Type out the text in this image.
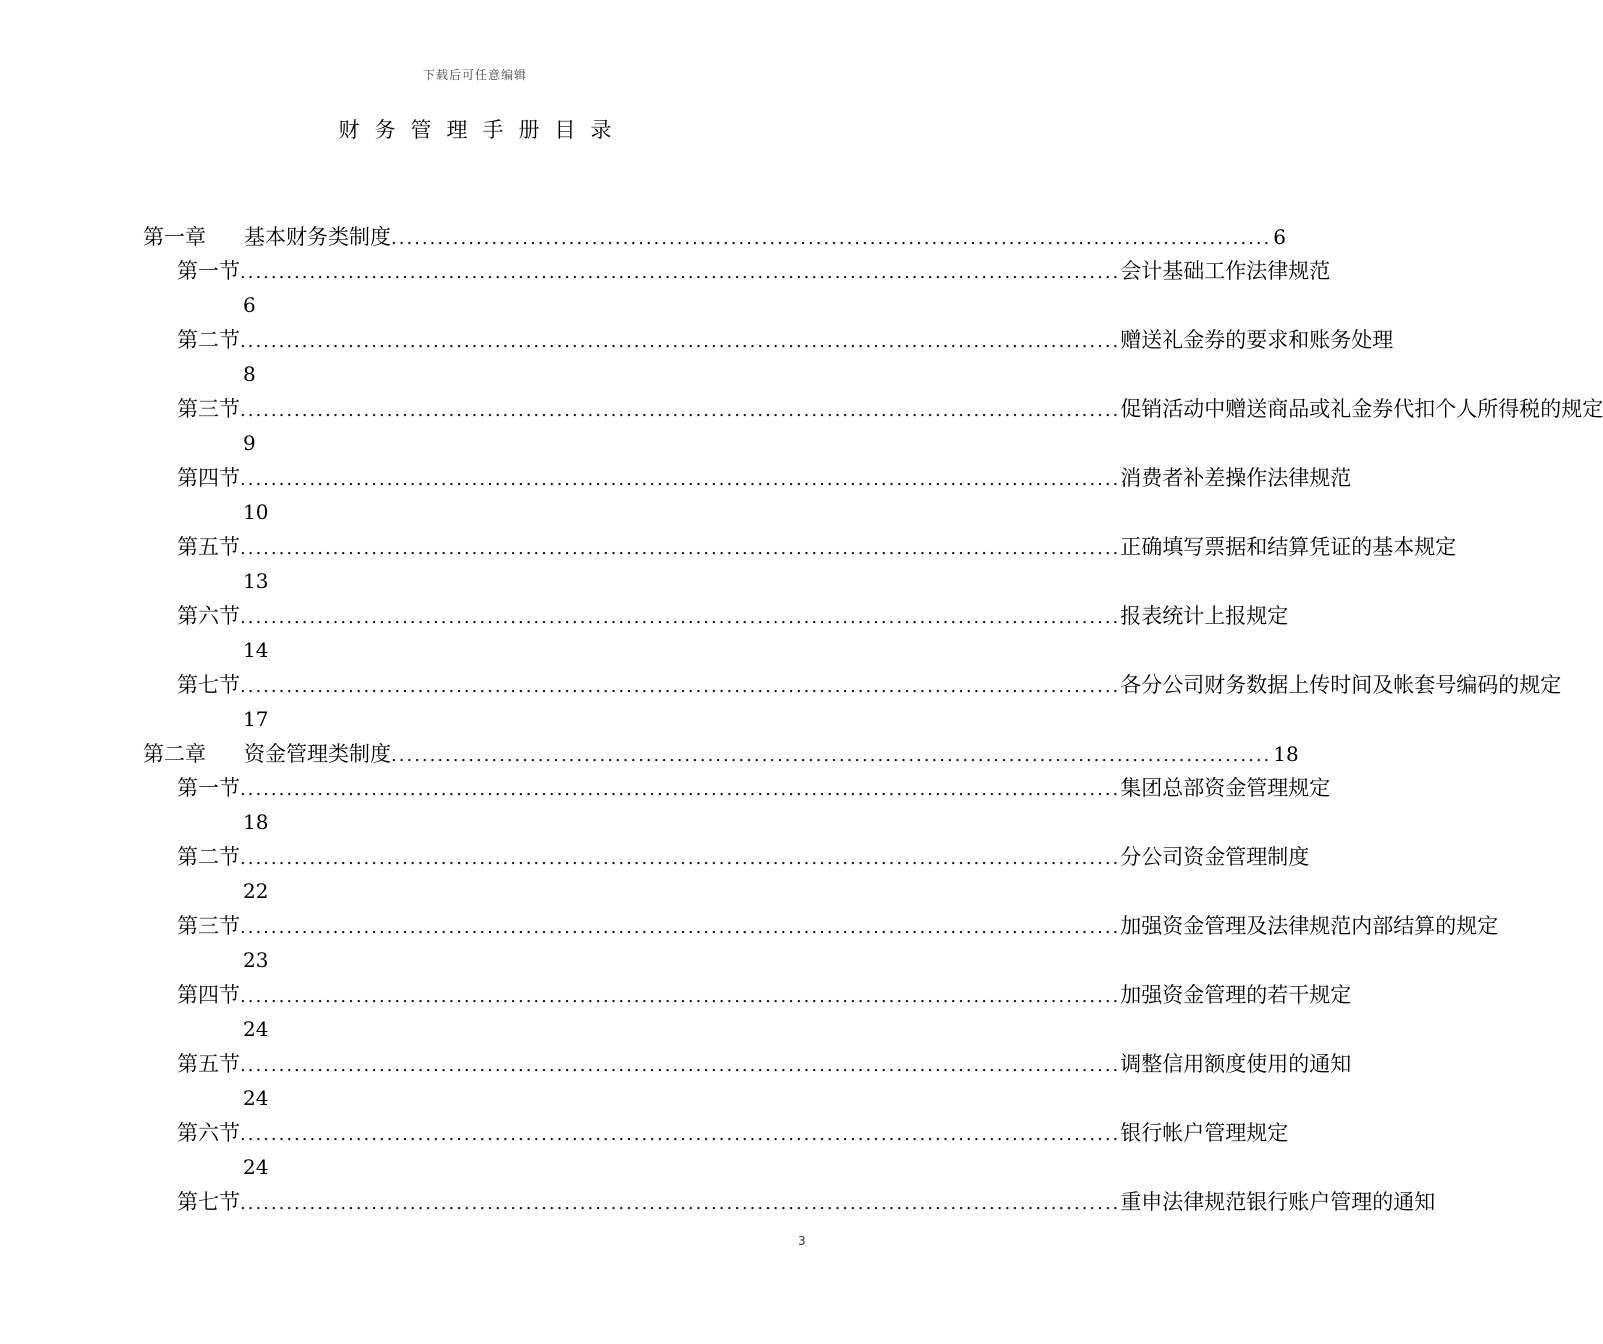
下载后可任意编辑
财务管理手册目录
第一章 基本财务类制度 .................................................................................................................. 6
第一节 .................................................................................................................. 会计基础工作法律规范
6
第二节 .................................................................................................................. 赠送礼金券的要求和账务处理
8
第三节 .................................................................................................................. 促销活动中赠送商品或礼金券代扣个人所得税的规定
9
第四节 .................................................................................................................. 消费者补差操作法律规范
10
第五节 .................................................................................................................. 正确填写票据和结算凭证的基本规定
13
第六节 .................................................................................................................. 报表统计上报规定
14
第七节 .................................................................................................................. 各分公司财务数据上传时间及帐套号编码的规定
17
第二章 资金管理类制度 .................................................................................................................. 18
第一节 .................................................................................................................. 集团总部资金管理规定
18
第二节 .................................................................................................................. 分公司资金管理制度
22
第三节 .................................................................................................................. 加强资金管理及法律规范内部结算的规定
23
第四节 .................................................................................................................. 加强资金管理的若干规定
24
第五节 .................................................................................................................. 调整信用额度使用的通知
24
第六节 .................................................................................................................. 银行帐户管理规定
24
第七节 .................................................................................................................. 重申法律规范银行账户管理的通知
3
